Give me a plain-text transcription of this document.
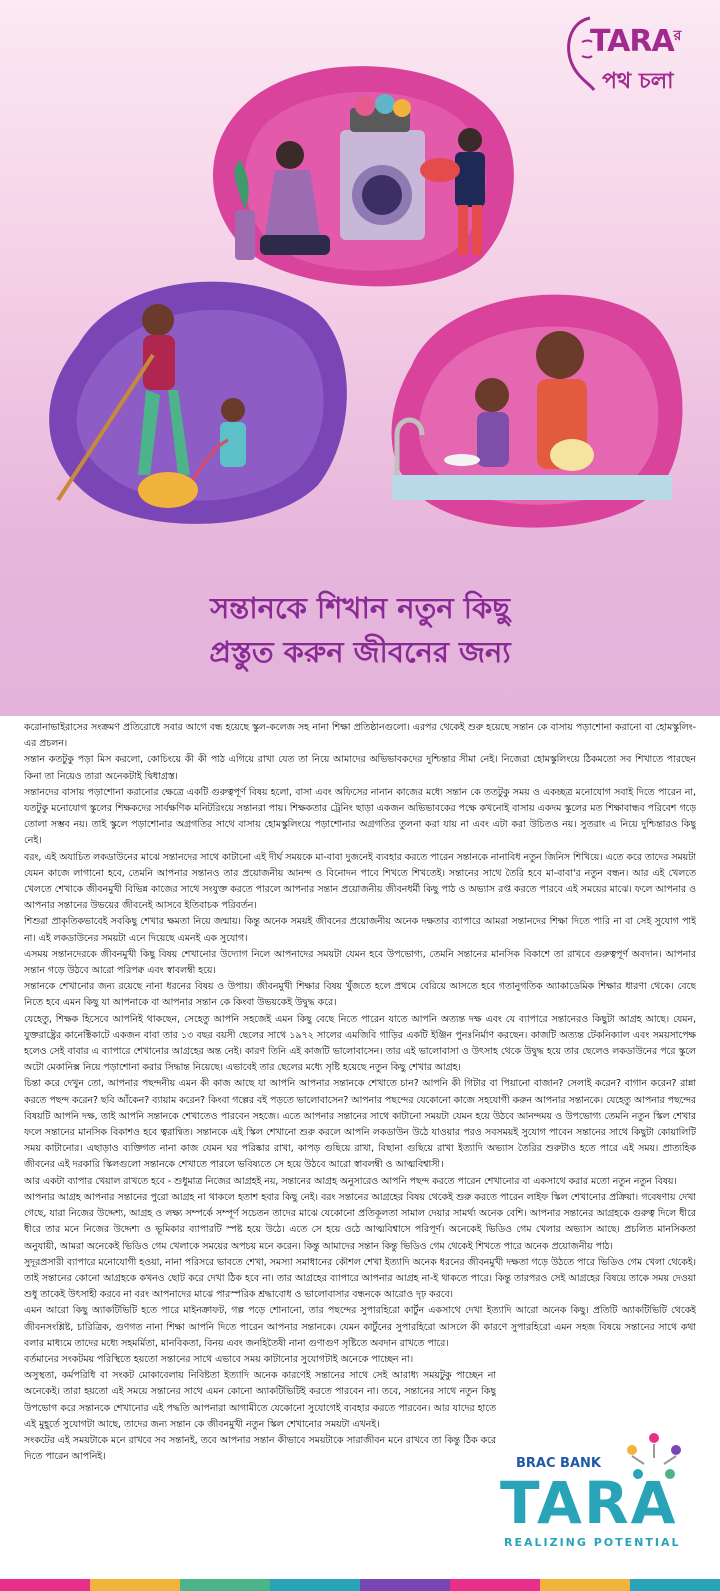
$TARA^র$
পথ চলা
সন্তানকে শিখান নতুন কিছু
প্রস্তুত করুন জীবনের জন্য

করোনাভাইরাসের সংক্রমণ প্রতিরোধে সবার আগে বন্ধ হয়েছে স্কুল-কলেজ সহ নানা শিক্ষা প্রতিষ্ঠানগুলো। এরপর থেকেই শুরু হয়েছে সন্তান কে বাসায় পড়াশোনা করানো বা হোমস্কুলিং-এর প্রচলন।

সন্তান কতটুকু পড়া মিস করলো, কোচিংয়ে কী কী পাঠ এগিয়ে রাখা যেত তা নিয়ে আমাদের অভিভাবকদের দুশ্চিন্তার সীমা নেই। নিজেরা হোমস্কুলিংয়ে ঠিকমতো সব শিখাতে পারছেন কিনা তা নিয়েও তারা অনেকটাই দ্বিধাগ্রস্ত।

সন্তানদের বাসায় পড়াশোনা করানোর ক্ষেত্রে একটি গুরুত্বপূর্ণ বিষয় হলো, বাসা এবং অফিসের নানান কাজের মধ্যে সন্তান কে ততটুকু সময় ও একচ্ছত্র মনোযোগ সবাই দিতে পারেন না, যতটুকু মনোযোগ স্কুলের শিক্ষকদের সার্বক্ষণিক মনিটরিংয়ে সন্তানরা পায়। শিক্ষকতার ট্রেনিং ছাড়া একজন অভিভাবকের পক্ষে কখনোই বাসায় একদম স্কুলের মত শিক্ষাবান্ধব পরিবেশ গড়ে তোলা সম্ভব নয়। তাই স্কুলে পড়াশোনার অগ্রগতির সাথে বাসায় হোমস্কুলিংয়ে পড়াশোনার অগ্রগতির তুলনা করা যায় না এবং এটা করা উচিতও নয়। সুতরাং এ নিয়ে দুশ্চিন্তারও কিছু নেই।

বরং, এই অযাচিত লকডাউনের মাঝে সন্তানদের সাথে কাটানো এই দীর্ঘ সময়কে মা-বাবা দুজনেই ব্যবহার করতে পারেন সন্তানকে নানাবিধ নতুন জিনিস শিখিয়ে। এতে করে তাদের সময়টা যেমন কাজে লাগানো হবে, তেমনি আপনার সন্তানও তার প্রয়োজনীয় আনন্দ ও বিনোদন পাবে শিখতে শিখতেই। সন্তানের সাথে তৈরি হবে মা-বাবা'র নতুন বন্ধন। আর এই খেলতে খেলতে শেখাকে জীবনমুখী বিভিন্ন কাজের সাথে সংযুক্ত করতে পারলে আপনার সন্তান প্রয়োজনীয় জীবনধর্মী কিছু পাঠ ও অভ্যাস রপ্ত করতে পারবে এই সময়ের মাঝে। ফলে আপনার ও আপনার সন্তানের উভয়ের জীবনেই আসবে ইতিবাচক পরিবর্তন।

শিশুরা প্রাকৃতিকভাবেই সবকিছু শেখার ক্ষমতা নিয়ে জন্মায়। কিন্তু অনেক সময়ই জীবনের প্রয়োজনীয় অনেক দক্ষতার ব্যাপারে আমরা সন্তানদের শিক্ষা দিতে পারি না বা সেই সুযোগ পাই না। এই লকডাউনের সময়টা এনে দিয়েছে এমনই এক সুযোগ।

এসময় সন্তানদেরকে জীবনমুখী কিছু বিষয় শেখানোর উদ্যোগ নিলে আপনাদের সময়টা যেমন হবে উপভোগ্য, তেমনি সন্তানের মানসিক বিকাশে তা রাখবে গুরুত্বপূর্ণ অবদান। আপনার সন্তান গড়ে উঠবে আরো পরিপক্ব এবং স্বাবলম্বী হয়ে।

সন্তানকে শেখানোর জন্য রয়েছে নানা ধরনের বিষয় ও উপায়। জীবনমুখী শিক্ষার বিষয় খুঁজতে হলে প্রথমে বেরিয়ে আসতে হবে গতানুগতিক অ্যাকাডেমিক শিক্ষার ধারণা থেকে। বেছে নিতে হবে এমন কিছু যা আপনাকে বা আপনার সন্তান কে কিংবা উভয়কেই উদ্বুদ্ধ করে।

যেহেতু, শিক্ষক হিসেবে আপনিই থাকছেন, সেহেতু আপনি সহজেই এমন কিছু বেছে নিতে পারেন যাতে আপনি অত্যন্ত দক্ষ এবং যে ব্যাপারে সন্তানেরও কিছুটা আগ্রহ আছে। যেমন, যুক্তরাষ্ট্রের কানেক্টিকাটে একজন বাবা তার ১৩ বছর বয়সী ছেলের সাথে ১৯৭২ সালের এমজিবি গাড়ির একটি ইঞ্জিন পুনঃনির্মাণ করছেন। কাজটি অত্যন্ত টেকনিক্যাল এবং সময়সাপেক্ষ হলেও সেই বাবার এ ব্যাপারে শেখানোর আগ্রহের অন্ত নেই। কারণ তিনি এই কাজটি ভালোবাসেন। তার এই ভালোবাসা ও উৎসাহ থেকে উদ্বুদ্ধ হয়ে তার ছেলেও লকডাউনের পরে স্কুলে অটো মেকানিক্স নিয়ে পড়াশোনা করার সিদ্ধান্ত নিয়েছে। এভাবেই তার ছেলের মধ্যে সৃষ্টি হয়েছে নতুন কিছু শেখার আগ্রহ।

চিন্তা করে দেখুন তো, আপনার পছন্দনীয় এমন কী কাজ আছে যা আপনি আপনার সন্তানকে শেখাতে চান? আপনি কী গিটার বা পিয়ানো বাজান? সেলাই করেন? বাগান করেন? রান্না করতে পছন্দ করেন? ছবি আঁকেন? ব্যায়াম করেন? কিংবা গল্পের বই পড়তে ভালোবাসেন? আপনার পছন্দের যেকোনো কাজে সহযোগী করুন আপনার সন্তানকে। যেহেতু আপনার পছন্দের বিষয়টি আপনি দক্ষ, তাই আপনি সন্তানকে শেখাতেও পারবেন সহজে। এতে আপনার সন্তানের সাথে কাটানো সময়টা যেমন হয়ে উঠবে আনন্দময় ও উপভোগ্য তেমনি নতুন স্কিল শেখার ফলে সন্তানের মানসিক বিকাশও হবে ত্বরান্বিত। সন্তানকে এই স্কিল শেখানো শুরু করলে আপনি লকডাউন উঠে যাওয়ার পরও সবসময়ই সুযোগ পাবেন সন্তানের সাথে কিছুটা কোয়ালিটি সময় কাটানোর। এছাড়াও ব্যক্তিগত নানা কাজ যেমন ঘর পরিষ্কার রাখা, কাপড় গুছিয়ে রাখা, বিছানা গুছিয়ে রাখা ইত্যাদি অভ্যাস তৈরির শুরুটাও হতে পারে এই সময়। প্রাত্যহিক জীবনের এই দরকারি স্কিলগুলো সন্তানকে শেখাতে পারলে ভবিষ্যতে সে হয়ে উঠবে আরো স্বাবলম্বী ও আত্মবিশ্বাসী।

আর একটা ব্যাপার খেয়াল রাখতে হবে - শুধুমাত্র নিজের আগ্রহই নয়, সন্তানের আগ্রহ অনুসারেও আপনি পছন্দ করতে পারেন শেখানোর বা একসাথে করার মতো নতুন নতুন বিষয়।

আপনার আগ্রহ আপনার সন্তানের পুরো আগ্রহ না থাকলে হতাশ হবার কিছু নেই। বরং সন্তানের আগ্রহের বিষয় থেকেই শুরু করতে পারেন লাইফ স্কিল শেখানোর প্রক্রিয়া। গবেষণায় দেখা গেছে, যারা নিজের উদ্দেশ্য, আগ্রহ ও লক্ষ্য সম্পর্কে সম্পূর্ণ সচেতন তাদের মাঝে যেকোনো প্রতিকূলতা সামাল দেয়ার সামর্থ্য অনেক বেশি। আপনার সন্তানের আগ্রহকে গুরুত্ব দিলে ধীরে ধীরে তার মনে নিজের উদ্দেশ্য ও ভূমিকার ব্যাপারটি স্পষ্ট হয়ে উঠে। এতে সে হয়ে ওঠে আত্মবিশ্বাসে পরিপূর্ণ। অনেকেই ভিডিও গেম খেলার অভ্যাস আছে। প্রচলিত মানসিকতা অনুযায়ী, আমরা অনেকেই ভিডিও গেম খেলাকে সময়ের অপচয় মনে করেন। কিন্তু আমাদের সন্তান কিন্তু ভিডিও গেম থেকেই শিখতে পারে অনেক প্রয়োজনীয় পাঠ।

সুদূরপ্রসারী ব্যাপারে মনোযোগী হওয়া, নানা পরিসরে ভাবতে শেখা, সমস্যা সমাধানের কৌশল শেখা ইত্যাদি অনেক ধরনের জীবনমুখী দক্ষতা গড়ে উঠতে পারে ভিডিও গেম খেলা থেকেই। তাই সন্তানের কোনো আগ্রহকে কখনও ছোট করে দেখা ঠিক হবে না। তার আগ্রহের ব্যাপারে আপনার আগ্রহ না-ই থাকতে পারে। কিন্তু তারপরও সেই আগ্রহের বিষয়ে তাকে সময় দেওয়া শুধু তাকেই উৎসাহী করবে না বরং আপনাদের মাঝে পারস্পরিক শ্রদ্ধাবোধ ও ভালোবাসার বন্ধনকে আরোও দৃঢ় করবে।

এমন আরো কিছু অ্যাকটিভিটি হতে পারে মাইনক্রাফট, গল্প পড়ে শোনানো, তার পছন্দের সুপারহিরো কার্টুন একসাথে দেখা ইত্যাদি আরো অনেক কিছু। প্রতিটি অ্যাকটিভিটি থেকেই জীবনসংশ্লিষ্ট, চারিত্রিক, গুণগত নানা শিক্ষা আপনি দিতে পারেন আপনার সন্তানকে। যেমন কার্টুনের সুপারহিরো আসলে কী কারণে সুপারহিরো এমন সহজ বিষয়ে সন্তানের সাথে কথা বলার মাধ্যমে তাদের মধ্যে সহমর্মিতা, মানবিকতা, বিনয় এবং জনহিতৈষী নানা গুণাগুণ সৃষ্টিতে অবদান রাখতে পারে।

বর্তমানের সংকটময় পরিস্থিতে হয়তো সন্তানের সাথে এভাবে সময় কাটানোর সুযোগটাই অনেকে পাচ্ছেন না।

অসুস্থতা, কর্মপরিধি বা সংকট মোকাবেলায় নিবিষ্টতা ইত্যাদি অনেক কারণেই সন্তানের সাথে সেই আরাধ্য সময়টুকু পাচ্ছেন না অনেকেই। তারা হয়তো এই সময়ে সন্তানের সাথে এমন কোনো অ্যাকটিভিটিই করতে পারবেন না। তবে, সন্তানের সাথে নতুন কিছু উপভোগ করে সন্তানকে শেখানোর এই পদ্ধতি আপনারা আগামীতে যেকোনো সুযোগেই ব্যবহার করতে পারবেন। আর যাদের হাতে এই মুহূর্তে সুযোগটা আছে, তাদের জন্য সন্তান কে জীবনমুখী নতুন স্কিল শেখানোর সময়টা এখনই।

সংকটের এই সময়টাকে মনে রাখবে সব সন্তানই, তবে আপনার সন্তান কীভাবে সময়টাকে সারাজীবন মনে রাখবে তা কিন্তু ঠিক করে দিতে পারেন আপনিই।	BRAC BANK
TARA
REALIZING POTENTIAL
